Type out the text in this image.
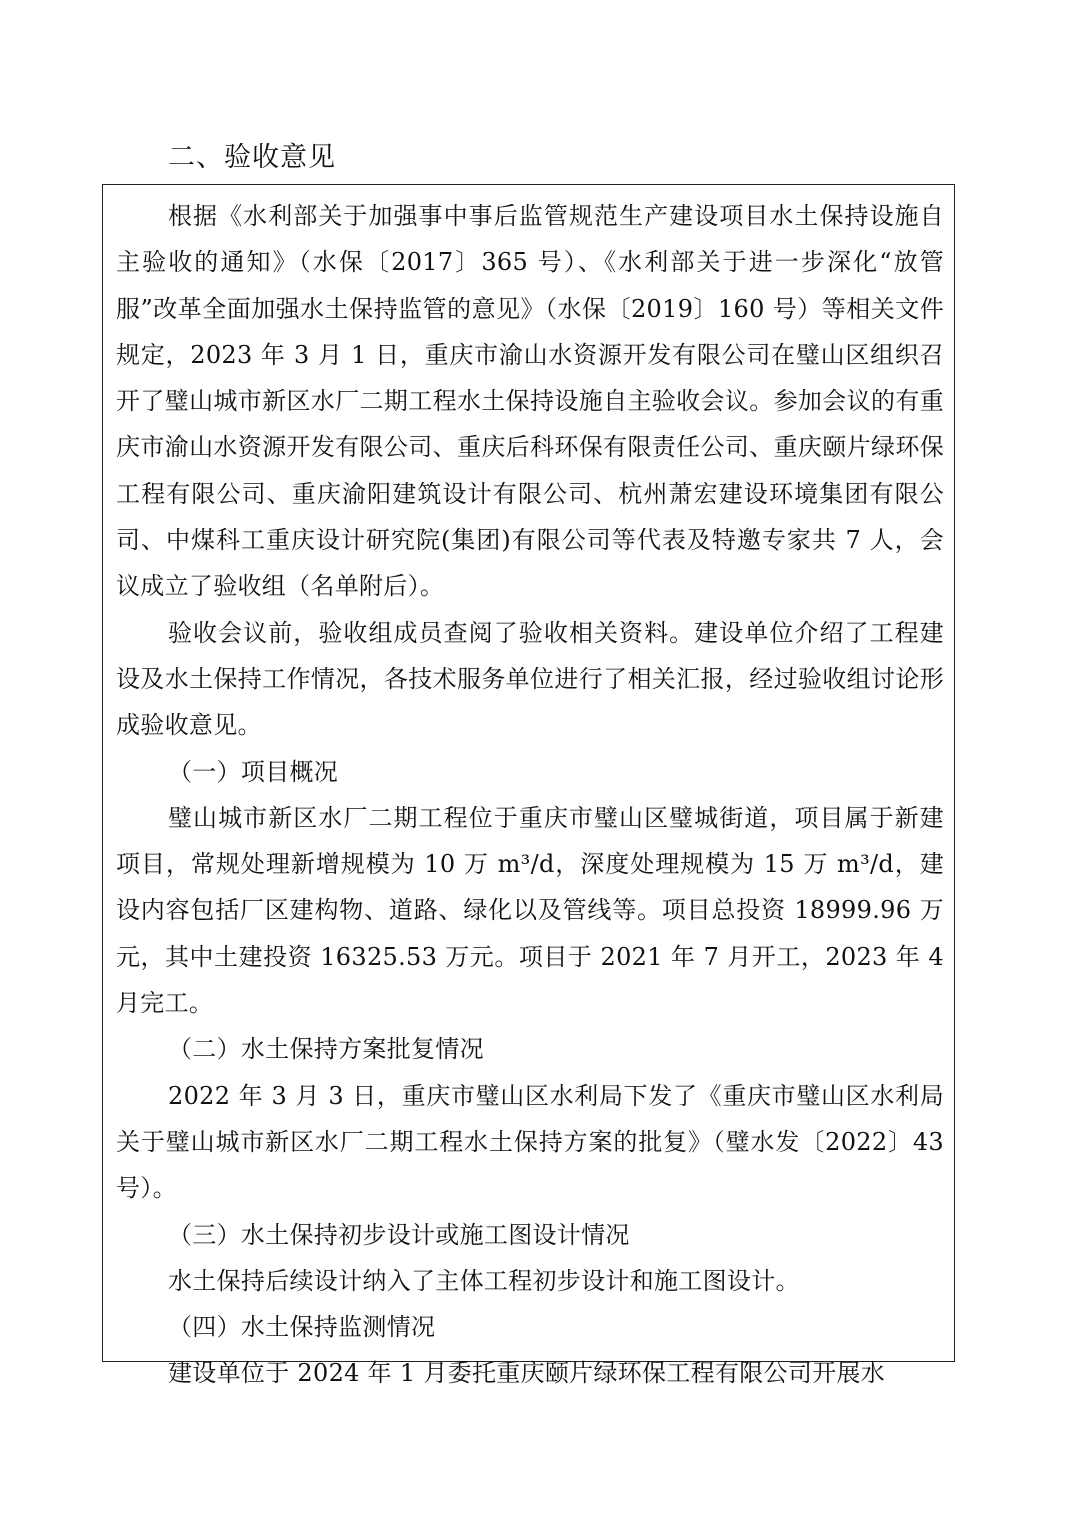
二、验收意见

根据《水利部关于加强事中事后监管规范生产建设项目水土保持设施自主验收的通知》（水保〔2017〕365 号）、《水利部关于进一步深化“放管服”改革全面加强水土保持监管的意见》（水保〔2019〕160 号）等相关文件规定，2023 年 3 月 1 日，重庆市渝山水资源开发有限公司在璧山区组织召开了璧山城市新区水厂二期工程水土保持设施自主验收会议。参加会议的有重庆市渝山水资源开发有限公司、重庆后科环保有限责任公司、重庆颐片绿环保工程有限公司、重庆渝阳建筑设计有限公司、杭州萧宏建设环境集团有限公司、中煤科工重庆设计研究院(集团)有限公司等代表及特邀专家共 7 人，会议成立了验收组（名单附后）。

验收会议前，验收组成员查阅了验收相关资料。建设单位介绍了工程建设及水土保持工作情况，各技术服务单位进行了相关汇报，经过验收组讨论形成验收意见。

（一）项目概况

璧山城市新区水厂二期工程位于重庆市璧山区璧城街道，项目属于新建项目，常规处理新增规模为 10 万 m³/d，深度处理规模为 15 万 m³/d，建设内容包括厂区建构物、道路、绿化以及管线等。项目总投资 18999.96 万元，其中土建投资 16325.53 万元。项目于 2021 年 7 月开工，2023 年 4 月完工。

（二）水土保持方案批复情况

2022 年 3 月 3 日，重庆市璧山区水利局下发了《重庆市璧山区水利局关于璧山城市新区水厂二期工程水土保持方案的批复》（璧水发〔2022〕43 号）。

（三）水土保持初步设计或施工图设计情况

水土保持后续设计纳入了主体工程初步设计和施工图设计。

（四）水土保持监测情况

建设单位于 2024 年 1 月委托重庆颐片绿环保工程有限公司开展水
